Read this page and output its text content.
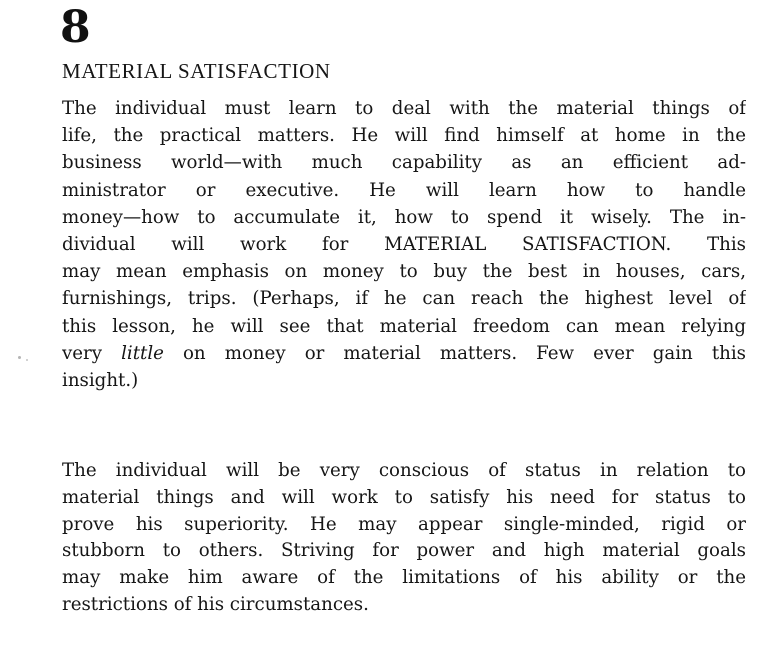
8
MATERIAL SATISFACTION
The individual must learn to deal with the material things of
life, the practical matters. He will find himself at home in the
business world—with much capability as an efficient ad-
ministrator or executive. He will learn how to handle
money—how to accumulate it, how to spend it wisely. The in-
dividual will work for MATERIAL SATISFACTION. This
may mean emphasis on money to buy the best in houses, cars,
furnishings, trips. (Perhaps, if he can reach the highest level of
this lesson, he will see that material freedom can mean relying
very little on money or material matters. Few ever gain this
insight.)
The individual will be very conscious of status in relation to
material things and will work to satisfy his need for status to
prove his superiority. He may appear single-minded, rigid or
stubborn to others. Striving for power and high material goals
may make him aware of the limitations of his ability or the
restrictions of his circumstances.
